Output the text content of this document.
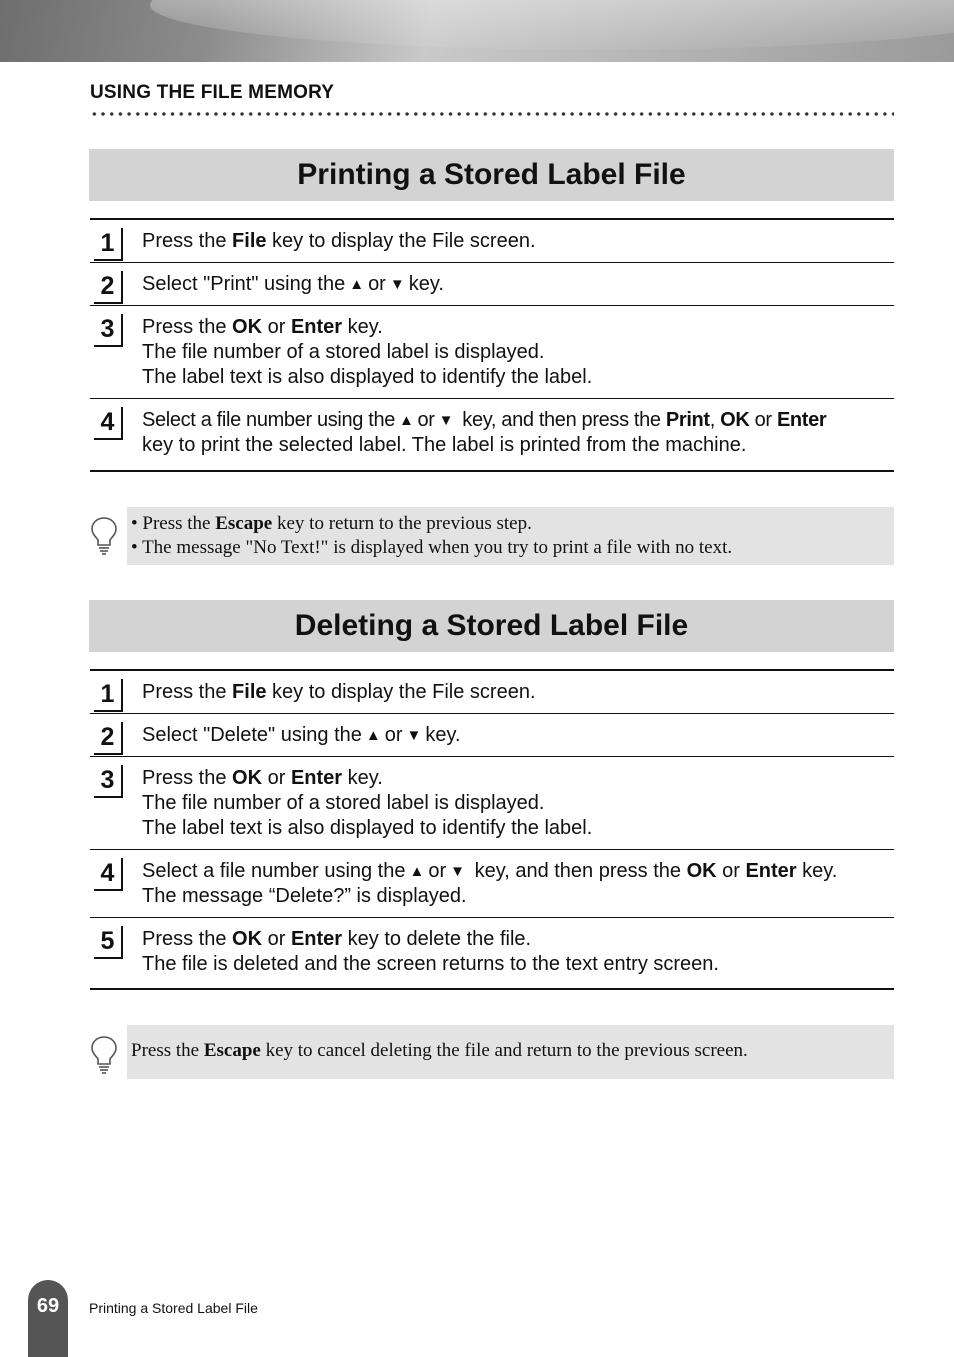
USING THE FILE MEMORY
Printing a Stored Label File
1	Press the File key to display the File screen.
2	Select "Print" using the ▲ or ▼ key.
3	Press the OK or Enter key.
The file number of a stored label is displayed.
The label text is also displayed to identify the label.
4	Select a file number using the ▲ or ▼ key, and then press the Print, OK or Enter
key to print the selected label. The label is printed from the machine.
• Press the Escape key to return to the previous step.
• The message "No Text!" is displayed when you try to print a file with no text.
Deleting a Stored Label File
1	Press the File key to display the File screen.
2	Select "Delete" using the ▲ or ▼ key.
3	Press the OK or Enter key.
The file number of a stored label is displayed.
The label text is also displayed to identify the label.
4	Select a file number using the ▲ or ▼ key, and then press the OK or Enter key.
The message “Delete?” is displayed.
5	Press the OK or Enter key to delete the file.
The file is deleted and the screen returns to the text entry screen.
Press the Escape key to cancel deleting the file and return to the previous screen.
69	Printing a Stored Label File
